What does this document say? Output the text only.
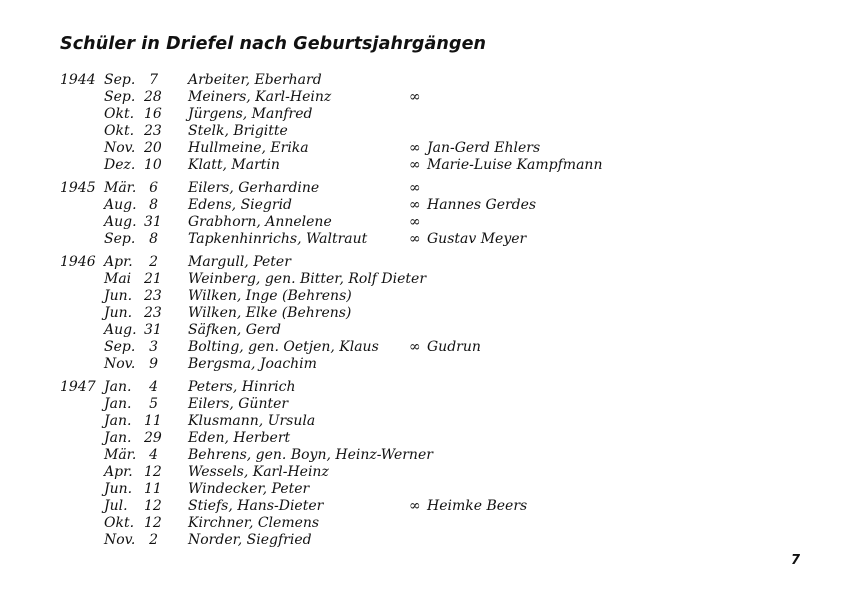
Schüler in Driefel nach Geburtsjahrgängen
1944 Sep. 7 Arbeiter, Eberhard
Sep. 28 Meiners, Karl-Heinz	∞
Okt. 16 Jürgens, Manfred
Okt. 23 Stelk, Brigitte
Nov. 20 Hullmeine, Erika	∞ Jan-Gerd Ehlers
Dez. 10 Klatt, Martin	∞ Marie-Luise Kampfmann
1945 Mär. 6 Eilers, Gerhardine	∞
Aug. 8 Edens, Siegrid	∞ Hannes Gerdes
Aug. 31 Grabhorn, Annelene	∞
Sep. 8 Tapkenhinrichs, Waltraut	∞ Gustav Meyer
1946 Apr.	2 Margull, Peter
Mai 21 Weinberg, gen. Bitter, Rolf Dieter
Jun. 23 Wilken, Inge (Behrens)
Jun. 23 Wilken, Elke (Behrens)
Aug. 31 Säfken, Gerd
Sep. 3 Bolting, gen. Oetjen, Klaus ∞ Gudrun
Nov. 9 Bergsma, Joachim
1947 Jan.	4 Peters, Hinrich
Jan.	5 Eilers, Günter
Jan. 11 Klusmann, Ursula
Jan. 29 Eden, Herbert
Mär. 4 Behrens, gen. Boyn, Heinz-Werner
Apr. 12 Wessels, Karl-Heinz
Jun. 11 Windecker, Peter
Jul. 12 Stiefs, Hans-Dieter	∞ Heimke Beers
Okt. 12 Kirchner, Clemens
Nov. 2 Norder, Siegfried
7
